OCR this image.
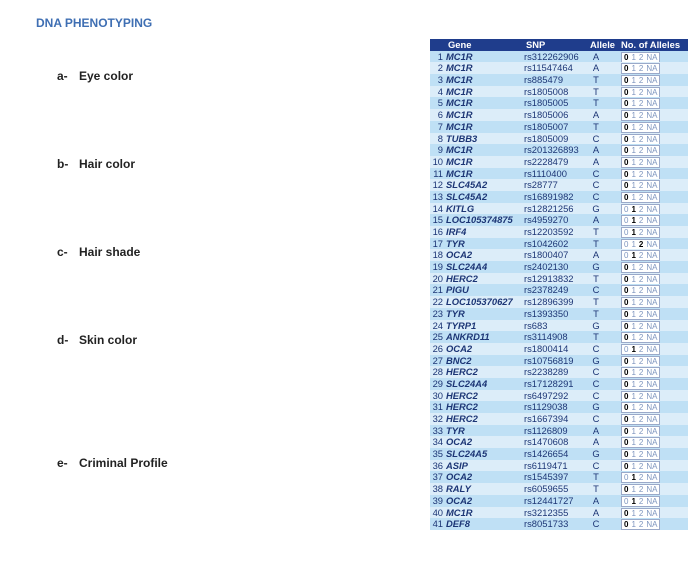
DNA PHENOTYPING
a- Eye color
b- Hair color
c- Hair shade
d- Skin color
e- Criminal Profile
Gene	SNP	Allele No. of Alleles
1 MC1R	rs312262906 A	0 1 2 NA
2 MC1R	rs11547464 A	0 1 2 NA
3 MC1R	rs885479	T	0 1 2 NA
4 MC1R	rs1805008	T	0 1 2 NA
5 MC1R	rs1805005	T	0 1 2 NA
6 MC1R	rs1805006	A	0 1 2 NA
7 MC1R	rs1805007	T	0 1 2 NA
8 TUBB3	rs1805009	C	0 1 2 NA
9 MC1R	rs201326893 A	0 1 2 NA
10 MC1R	rs2228479	A	0 1 2 NA
11 MC1R	rs1110400	C	0 1 2 NA
12 SLC45A2	rs28777	C	0 1 2 NA
13 SLC45A2	rs16891982 C	0 1 2 NA
14 KITLG	rs12821256 G	0 1 2 NA
15 LOC105374875 rs4959270	A	0 1 2 NA
16 IRF4	rs12203592 T	0 1 2 NA
17 TYR	rs1042602	T	0 1 2 NA
18 OCA2	rs1800407	A	0 1 2 NA
19 SLC24A4	rs2402130	G	0 1 2 NA
20 HERC2	rs12913832 T	0 1 2 NA
21 PIGU	rs2378249	C	0 1 2 NA
22 LOC105370627 rs12896399 T	0 1 2 NA
23 TYR	rs1393350	T	0 1 2 NA
24 TYRP1	rs683	G	0 1 2 NA
25 ANKRD11	rs3114908	T	0 1 2 NA
26 OCA2	rs1800414	C	0 1 2 NA
27 BNC2	rs10756819 G	0 1 2 NA
28 HERC2	rs2238289	C	0 1 2 NA
29 SLC24A4	rs17128291 C	0 1 2 NA
30 HERC2	rs6497292	C	0 1 2 NA
31 HERC2	rs1129038	G	0 1 2 NA
32 HERC2	rs1667394	C	0 1 2 NA
33 TYR	rs1126809	A	0 1 2 NA
34 OCA2	rs1470608	A	0 1 2 NA
35 SLC24A5	rs1426654	G	0 1 2 NA
36 ASIP	rs6119471	C	0 1 2 NA
37 OCA2	rs1545397	T	0 1 2 NA
38 RALY	rs6059655	T	0 1 2 NA
39 OCA2	rs12441727 A	0 1 2 NA
40 MC1R	rs3212355	A	0 1 2 NA
41 DEF8	rs8051733	C	0 1 2 NA
